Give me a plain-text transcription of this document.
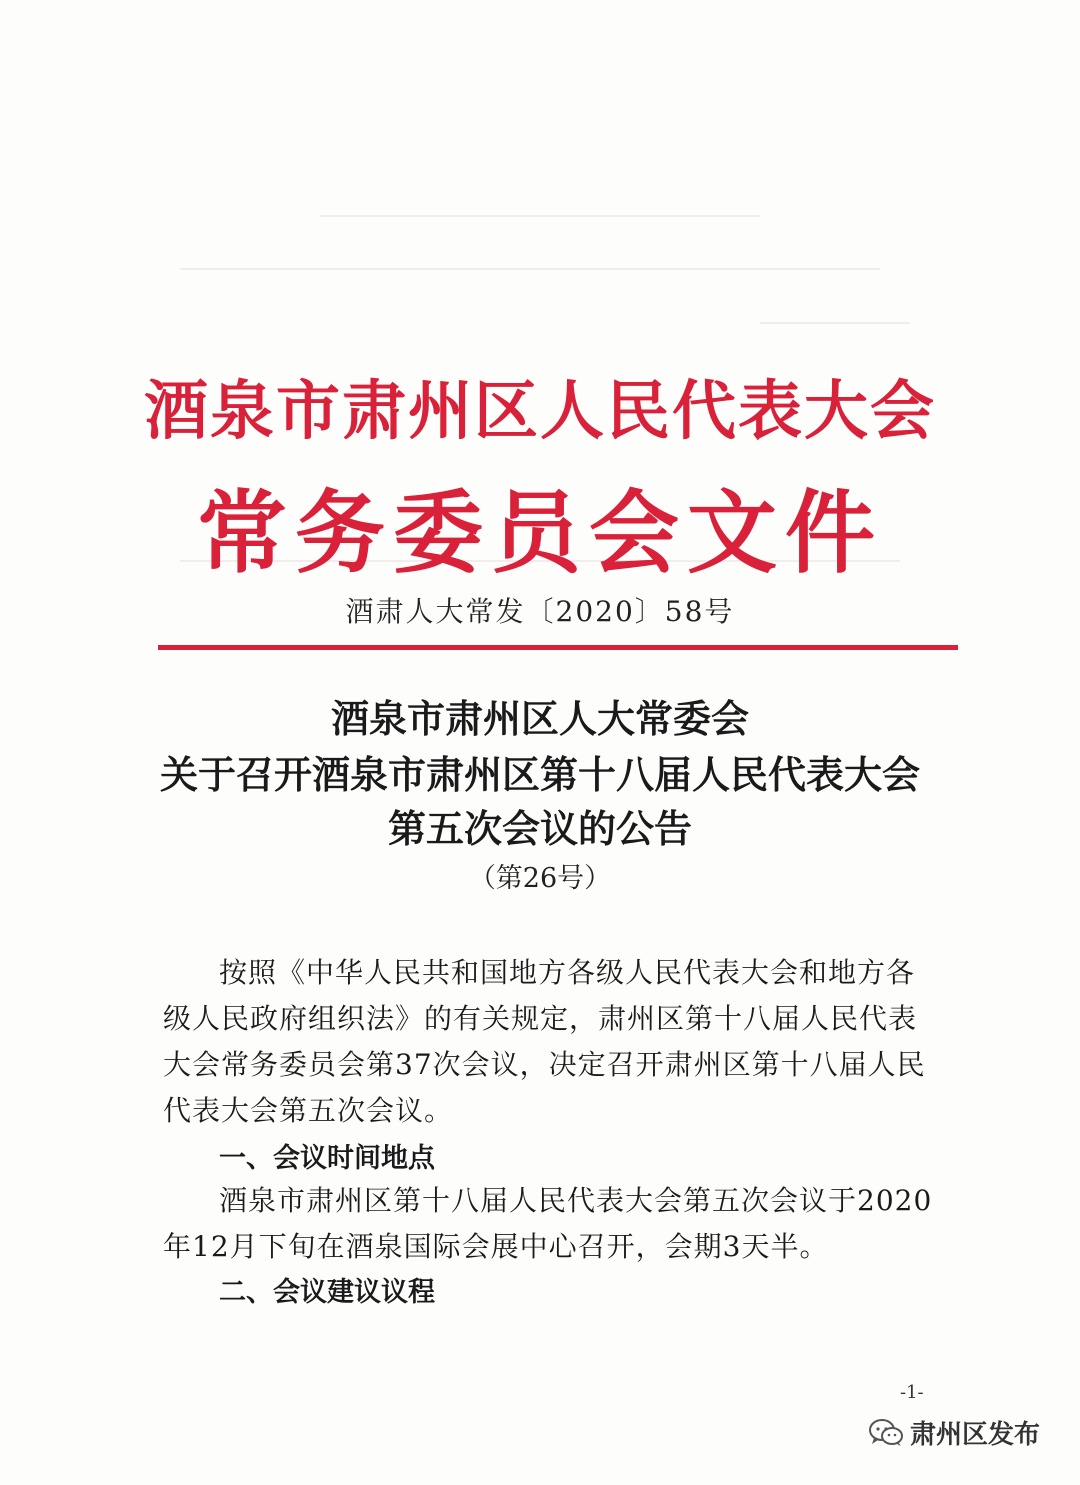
酒泉市肃州区人民代表大会
常务委员会文件
酒肃人大常发〔2020〕58号
酒泉市肃州区人大常委会
关于召开酒泉市肃州区第十八届人民代表大会
第五次会议的公告
（第26号）
按照《中华人民共和国地方各级人民代表大会和地方各级人民政府组织法》的有关规定，肃州区第十八届人民代表大会常务委员会第37次会议，决定召开肃州区第十八届人民代表大会第五次会议。
一、会议时间地点
酒泉市肃州区第十八届人民代表大会第五次会议于2020年12月下旬在酒泉国际会展中心召开，会期3天半。
二、会议建议议程
-1-
肃州区发布
